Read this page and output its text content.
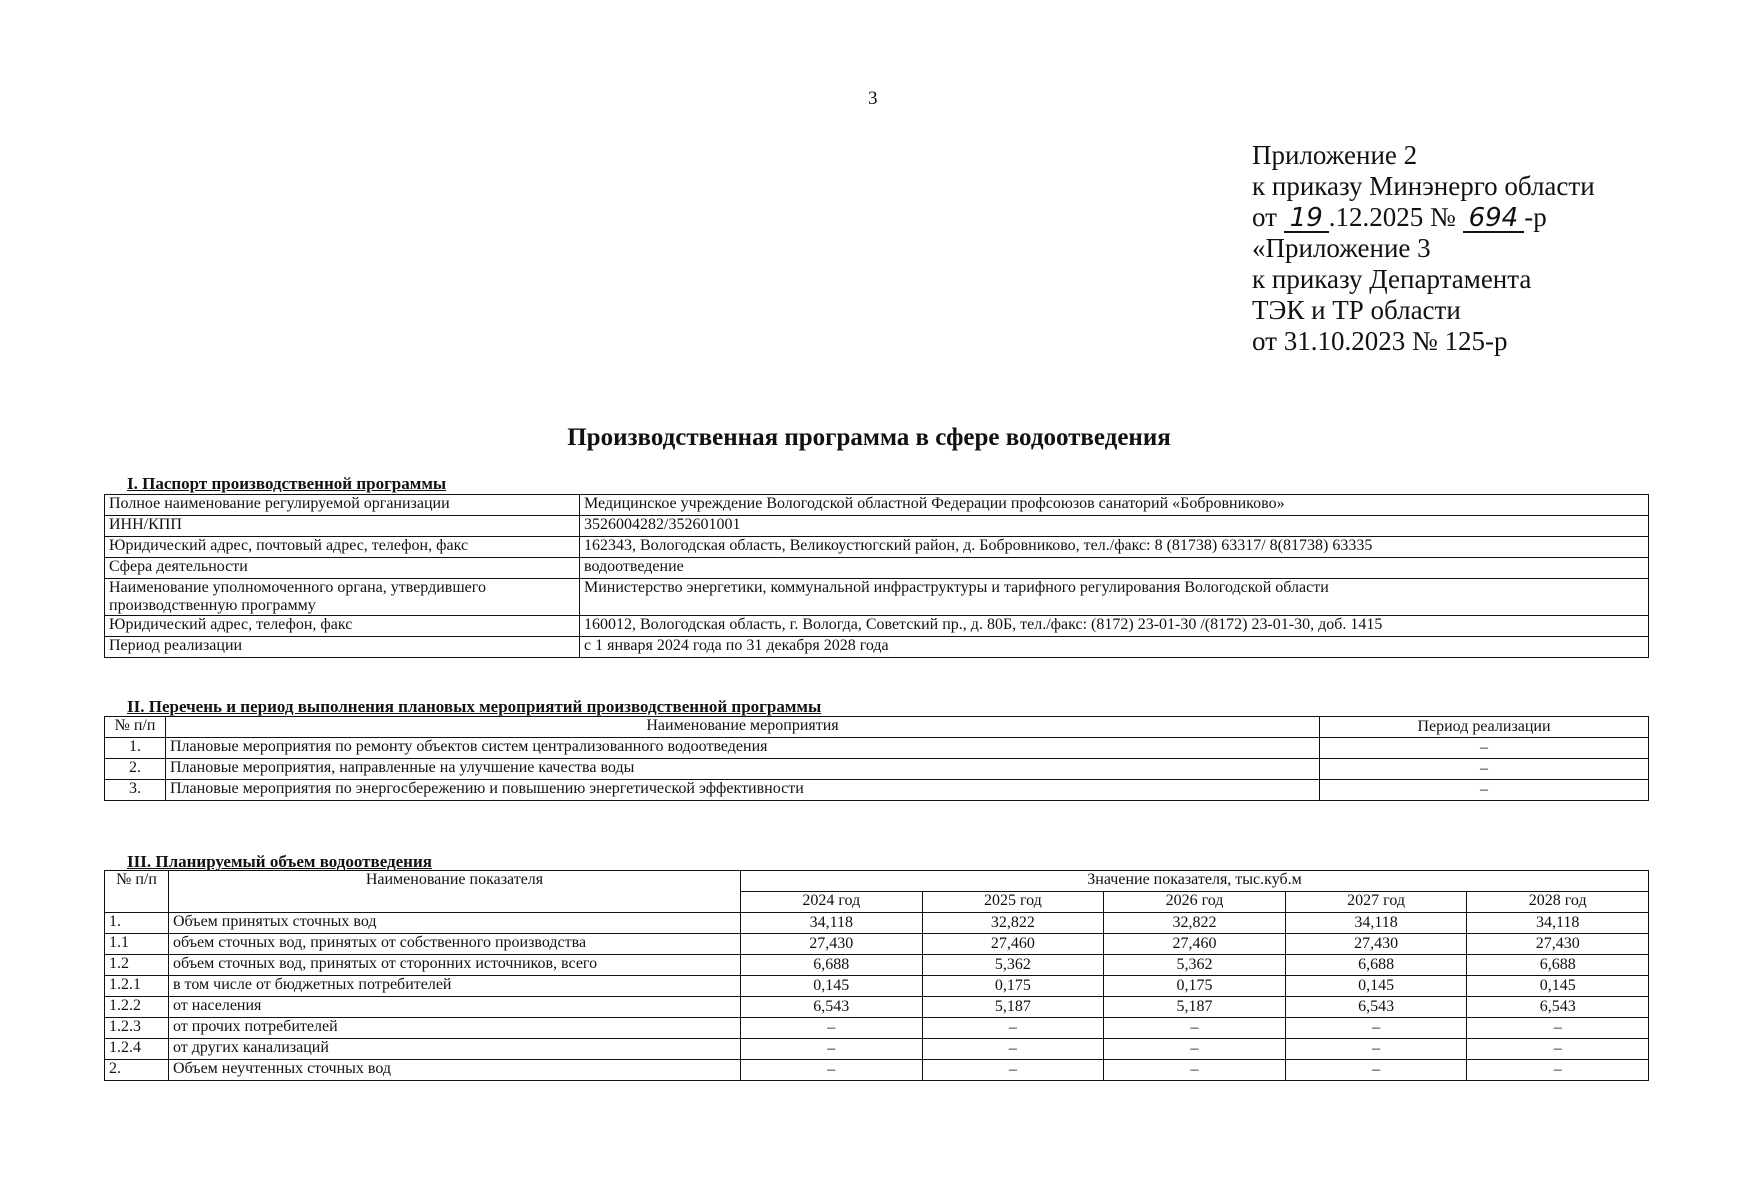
3
Приложение 2
к приказу Минэнерго области
от 19 .12.2025 № 694 -р
«Приложение 3
к приказу Департамента
ТЭК и ТР области
от 31.10.2023 № 125-р
Производственная программа в сфере водоотведения
I. Паспорт производственной программы
Полное наименование регулируемой организации	Медицинское учреждение Вологодской областной Федерации профсоюзов санаторий «Бобровниково»
ИНН/КПП	3526004282/352601001
Юридический адрес, почтовый адрес, телефон, факс	162343, Вологодская область, Великоустюгский район, д. Бобровниково, тел./факс: 8 (81738) 63317/ 8(81738) 63335
Сфера деятельности	водоотведение
Наименование уполномоченного органа, утвердившего производственную программу	Министерство энергетики, коммунальной инфраструктуры и тарифного регулирования Вологодской области
Юридический адрес, телефон, факс	160012, Вологодская область, г. Вологда, Советский пр., д. 80Б, тел./факс: (8172) 23-01-30 /(8172) 23-01-30, доб. 1415
Период реализации	с 1 января 2024 года по 31 декабря 2028 года
II. Перечень и период выполнения плановых мероприятий производственной программы
№ п/п	Наименование мероприятия	Период реализации
1.	Плановые мероприятия по ремонту объектов систем централизованного водоотведения	–
2.	Плановые мероприятия, направленные на улучшение качества воды	–
3.	Плановые мероприятия по энергосбережению и повышению энергетической эффективности	–
III. Планируемый объем водоотведения
№ п/п	Наименование показателя	Значение показателя, тыс.куб.м				
		2024 год	2025 год	2026 год	2027 год	2028 год
1.	Объем принятых сточных вод	34,118	32,822	32,822	34,118	34,118
1.1	объем сточных вод, принятых от собственного производства	27,430	27,460	27,460	27,430	27,430
1.2	объем сточных вод, принятых от сторонних источников, всего	6,688	5,362	5,362	6,688	6,688
1.2.1	в том числе от бюджетных потребителей	0,145	0,175	0,175	0,145	0,145
1.2.2	от населения	6,543	5,187	5,187	6,543	6,543
1.2.3	от прочих потребителей	–	–	–	–	–
1.2.4	от других канализаций	–	–	–	–	–
2.	Объем неучтенных сточных вод	–	–	–	–	–
